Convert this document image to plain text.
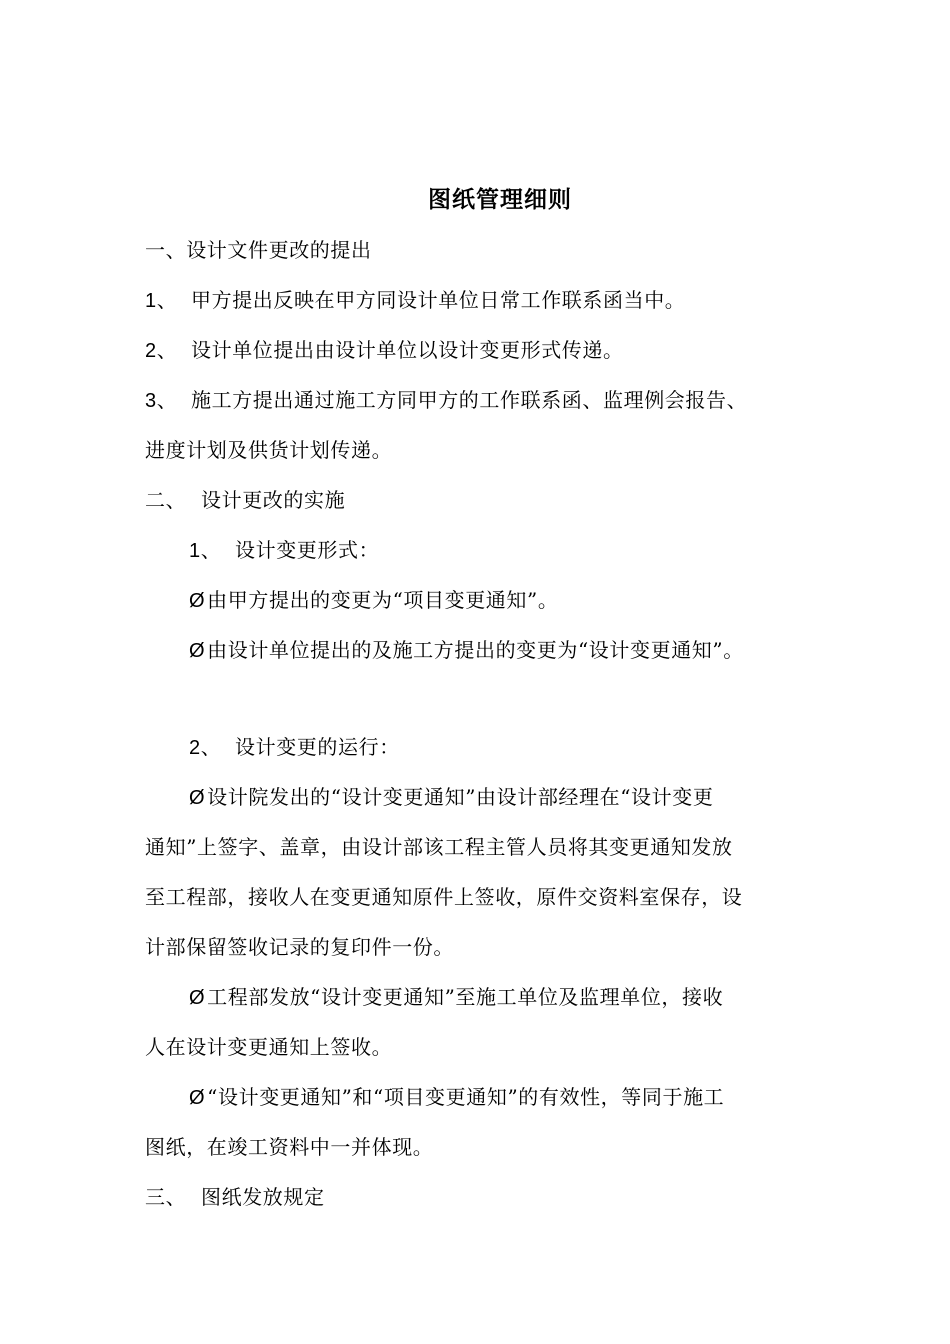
图纸管理细则
一、设计文件更改的提出
1、 甲方提出反映在甲方同设计单位日常工作联系函当中。
2、 设计单位提出由设计单位以设计变更形式传递。
3、 施工方提出通过施工方同甲方的工作联系函、监理例会报告、
进度计划及供货计划传递。
二、 设计更改的实施
1、 设计变更形式：
Ø 由甲方提出的变更为“项目变更通知”。
Ø 由设计单位提出的及施工方提出的变更为“设计变更通知”。
2、 设计变更的运行：
Ø 设计院发出的“设计变更通知”由设计部经理在“设计变更
通知”上签字、盖章，由设计部该工程主管人员将其变更通知发放
至工程部，接收人在变更通知原件上签收，原件交资料室保存，设
计部保留签收记录的复印件一份。
Ø 工程部发放“设计变更通知”至施工单位及监理单位，接收
人在设计变更通知上签收。
Ø “设计变更通知”和“项目变更通知”的有效性，等同于施工
图纸，在竣工资料中一并体现。
三、 图纸发放规定
